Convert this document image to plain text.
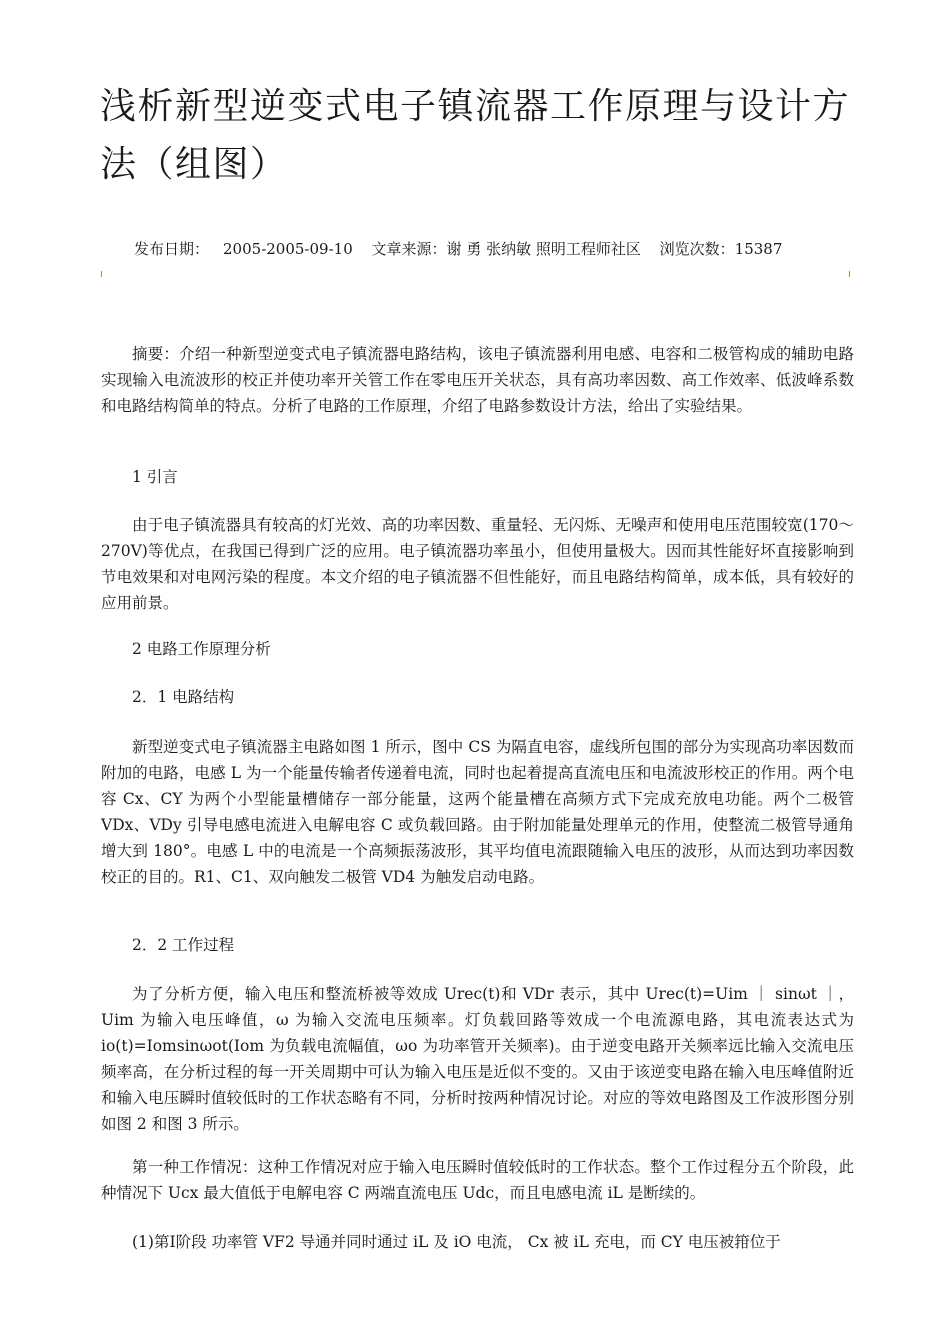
浅析新型逆变式电子镇流器工作原理与设计方法（组图）
发布日期： 2005-2005-09-10 文章来源：谢 勇 张纳敏 照明工程师社区 浏览次数：15387

摘要：介绍一种新型逆变式电子镇流器电路结构，该电子镇流器利用电感、电容和二极管构成的辅助电路实现输入电流波形的校正并使功率开关管工作在零电压开关状态，具有高功率因数、高工作效率、低波峰系数和电路结构简单的特点。分析了电路的工作原理，介绍了电路参数设计方法，给出了实验结果。

1 引言

由于电子镇流器具有较高的灯光效、高的功率因数、重量轻、无闪烁、无噪声和使用电压范围较宽(170～270V)等优点，在我国已得到广泛的应用。电子镇流器功率虽小，但使用量极大。因而其性能好坏直接影响到节电效果和对电网污染的程度。本文介绍的电子镇流器不但性能好，而且电路结构简单，成本低，具有较好的应用前景。

2 电路工作原理分析

2．1 电路结构

新型逆变式电子镇流器主电路如图 1 所示，图中 CS 为隔直电容，虚线所包围的部分为实现高功率因数而附加的电路，电感 L 为一个能量传输者传递着电流，同时也起着提高直流电压和电流波形校正的作用。两个电容 Cx、CY 为两个小型能量槽储存一部分能量，这两个能量槽在高频方式下完成充放电功能。两个二极管 VDx、VDy 引导电感电流进入电解电容 C 或负载回路。由于附加能量处理单元的作用，使整流二极管导通角增大到 180°。电感 L 中的电流是一个高频振荡波形，其平均值电流跟随输入电压的波形，从而达到功率因数校正的目的。R1、C1、双向触发二极管 VD4 为触发启动电路。

2．2 工作过程

为了分析方便，输入电压和整流桥被等效成 Urec(t)和 VDr 表示，其中 Urec(t)=Uim ｜ sinωt ｜，Uim 为输入电压峰值，ω 为输入交流电压频率。灯负载回路等效成一个电流源电路，其电流表达式为 io(t)=Iomsinωot(Iom 为负载电流幅值，ωo 为功率管开关频率)。由于逆变电路开关频率远比输入交流电压频率高，在分析过程的每一开关周期中可认为输入电压是近似不变的。又由于该逆变电路在输入电压峰值附近和输入电压瞬时值较低时的工作状态略有不同，分析时按两种情况讨论。对应的等效电路图及工作波形图分别如图 2 和图 3 所示。

第一种工作情况：这种工作情况对应于输入电压瞬时值较低时的工作状态。整个工作过程分五个阶段，此种情况下 Ucx 最大值低于电解电容 C 两端直流电压 Udc，而且电感电流 iL 是断续的。

(1)第Ⅰ阶段 功率管 VF2 导通并同时通过 iL 及 iO 电流， Cx 被 iL 充电，而 CY 电压被箝位于
